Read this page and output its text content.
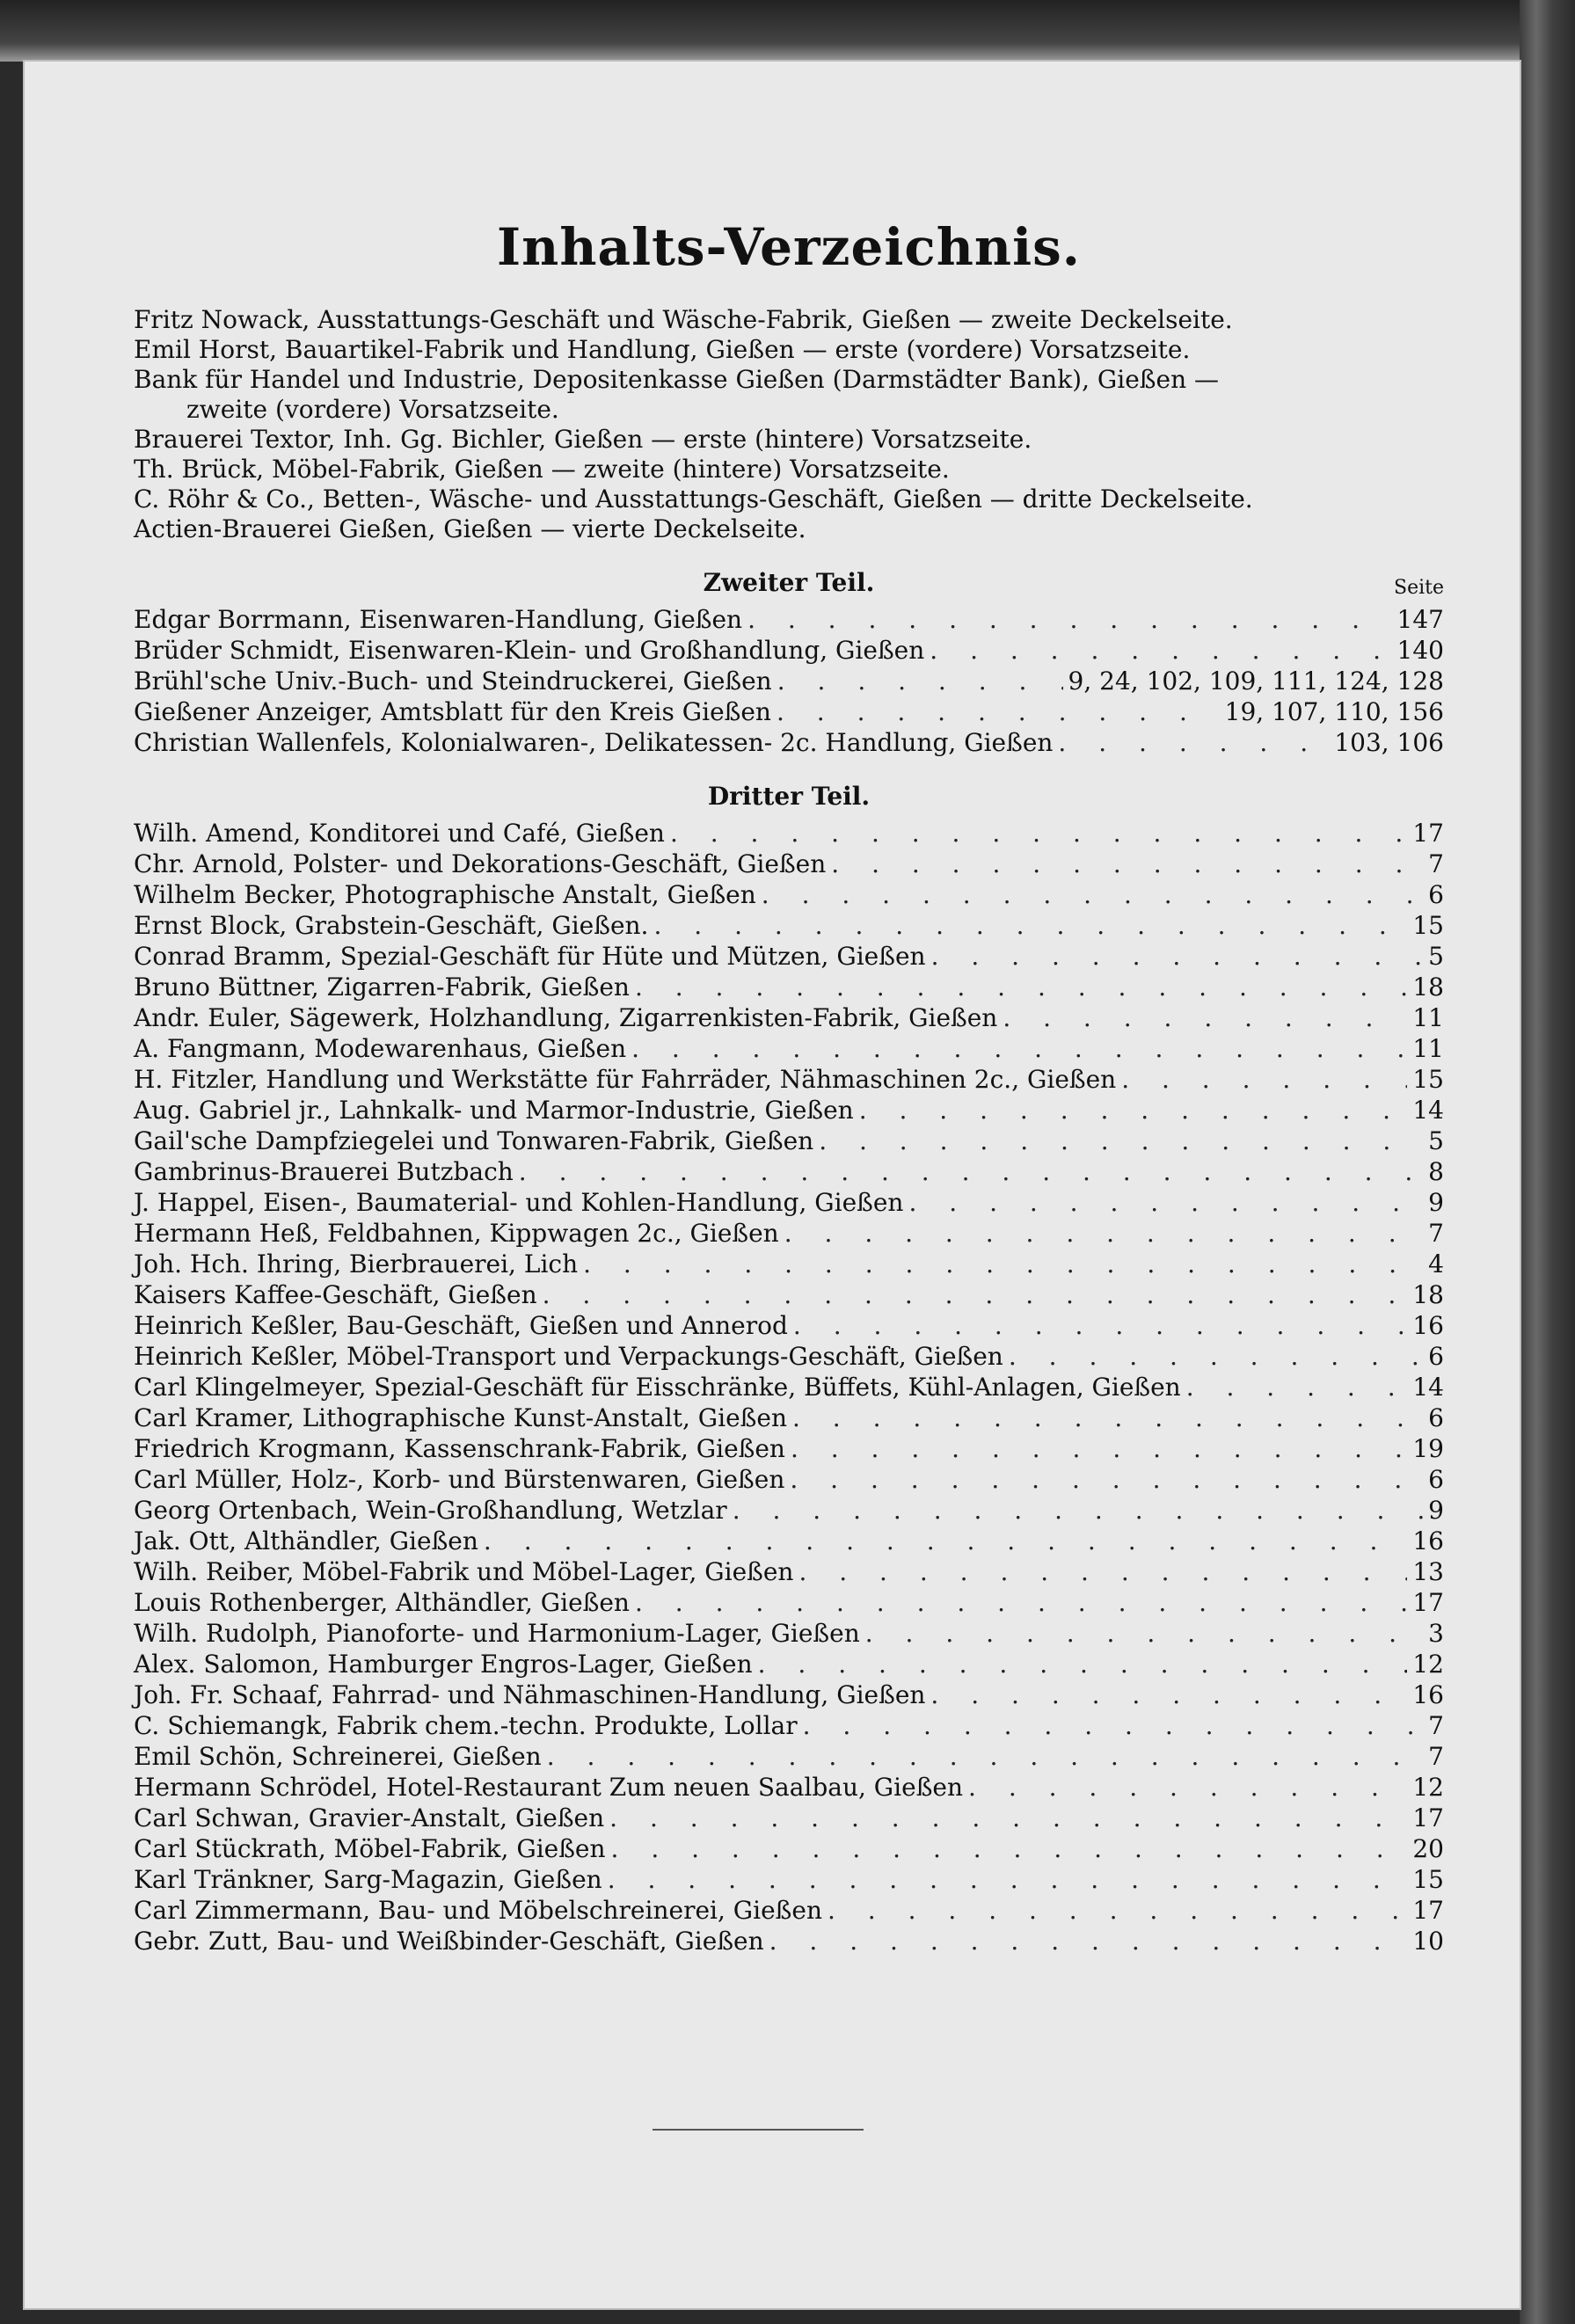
Inhalts-Verzeichnis.

Fritz Nowack, Ausstattungs-Geschäft und Wäsche-Fabrik, Gießen — zweite Deckelseite.

Emil Horst, Bauartikel-Fabrik und Handlung, Gießen — erste (vordere) Vorsatzseite.

Bank für Handel und Industrie, Depositenkasse Gießen (Darmstädter Bank), Gießen —

zweite (vordere) Vorsatzseite.

Brauerei Textor, Inh. Gg. Bichler, Gießen — erste (hintere) Vorsatzseite.

Th. Brück, Möbel-Fabrik, Gießen — zweite (hintere) Vorsatzseite.

C. Röhr & Co., Betten-, Wäsche- und Ausstattungs-Geschäft, Gießen — dritte Deckelseite.

Actien-Brauerei Gießen, Gießen — vierte Deckelseite.

Zweiter Teil.	Seite
Edgar Borrmann, Eisenwaren-Handlung, Gießen . . .	147
Brüder Schmidt, Eisenwaren-Klein- und Großhandlung, Gießen . . .	140
Brühl'sche Univ.-Buch- und Steindruckerei, Gießen . . .	9, 24, 102, 109, 111, 124, 128
Gießener Anzeiger, Amtsblatt für den Kreis Gießen . . .	19, 107, 110, 156
Christian Wallenfels, Kolonialwaren-, Delikatessen- 2c. Handlung, Gießen . . .	103, 106
Dritter Teil.
Wilh. Amend, Konditorei und Café, Gießen . . .	17
Chr. Arnold, Polster- und Dekorations-Geschäft, Gießen . . .	7
Wilhelm Becker, Photographische Anstalt, Gießen . . .	6
Ernst Block, Grabstein-Geschäft, Gießen. . . .	15
Conrad Bramm, Spezial-Geschäft für Hüte und Mützen, Gießen . . .	5
Bruno Büttner, Zigarren-Fabrik, Gießen . . .	18
Andr. Euler, Sägewerk, Holzhandlung, Zigarrenkisten-Fabrik, Gießen . . .	11
A. Fangmann, Modewarenhaus, Gießen . . .	11
H. Fitzler, Handlung und Werkstätte für Fahrräder, Nähmaschinen 2c., Gießen . . .	15
Aug. Gabriel jr., Lahnkalk- und Marmor-Industrie, Gießen . . .	14
Gail'sche Dampfziegelei und Tonwaren-Fabrik, Gießen . . .	5
Gambrinus-Brauerei Butzbach . . .	8
J. Happel, Eisen-, Baumaterial- und Kohlen-Handlung, Gießen . . .	9
Hermann Heß, Feldbahnen, Kippwagen 2c., Gießen . . .	7
Joh. Hch. Ihring, Bierbrauerei, Lich . . .	4
Kaisers Kaffee-Geschäft, Gießen . . .	18
Heinrich Keßler, Bau-Geschäft, Gießen und Annerod . . .	16
Heinrich Keßler, Möbel-Transport und Verpackungs-Geschäft, Gießen . . .	6
Carl Klingelmeyer, Spezial-Geschäft für Eisschränke, Büffets, Kühl-Anlagen, Gießen . . .	14
Carl Kramer, Lithographische Kunst-Anstalt, Gießen . . .	6
Friedrich Krogmann, Kassenschrank-Fabrik, Gießen . . .	19
Carl Müller, Holz-, Korb- und Bürstenwaren, Gießen . . .	6
Georg Ortenbach, Wein-Großhandlung, Wetzlar . . .	9
Jak. Ott, Althändler, Gießen . . .	16
Wilh. Reiber, Möbel-Fabrik und Möbel-Lager, Gießen . . .	13
Louis Rothenberger, Althändler, Gießen . . .	17
Wilh. Rudolph, Pianoforte- und Harmonium-Lager, Gießen . . .	3
Alex. Salomon, Hamburger Engros-Lager, Gießen . . .	12
Joh. Fr. Schaaf, Fahrrad- und Nähmaschinen-Handlung, Gießen . . .	16
C. Schiemangk, Fabrik chem.-techn. Produkte, Lollar . . .	7
Emil Schön, Schreinerei, Gießen . . .	7
Hermann Schrödel, Hotel-Restaurant Zum neuen Saalbau, Gießen . . .	12
Carl Schwan, Gravier-Anstalt, Gießen . . .	17
Carl Stückrath, Möbel-Fabrik, Gießen . . .	20
Karl Tränkner, Sarg-Magazin, Gießen . . .	15
Carl Zimmermann, Bau- und Möbelschreinerei, Gießen . . .	17
Gebr. Zutt, Bau- und Weißbinder-Geschäft, Gießen . . .	10
